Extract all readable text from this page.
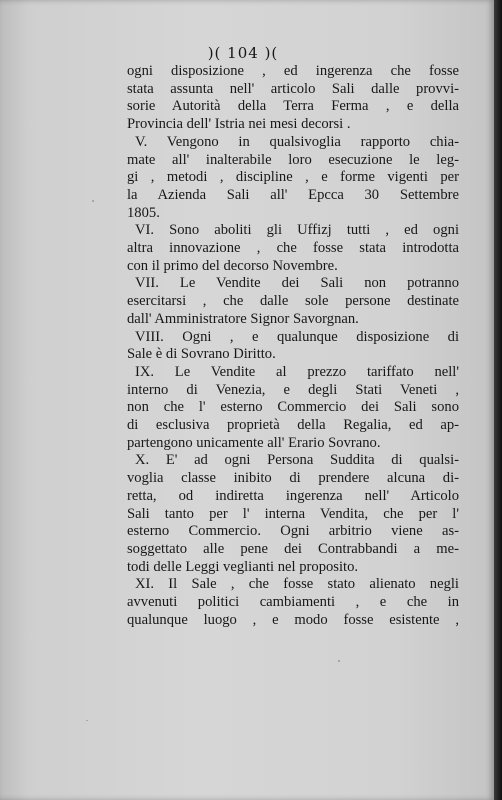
)( 104 )(
ogni disposizione , ed ingerenza che fosse
stata assunta nell' articolo Sali dalle provvi-
sorie Autorità della Terra Ferma , e della
Provincia dell' Istria nei mesi decorsi .
V. Vengono in qualsivoglia rapporto chia-
mate all' inalterabile loro esecuzione le leg-
gi , metodi , discipline , e forme vigenti per
la Azienda Sali all' Epcca 30 Settembre
1805.
VI. Sono aboliti gli Uffizj tutti , ed ogni
altra innovazione , che fosse stata introdotta
con il primo del decorso Novembre.
VII. Le Vendite dei Sali non potranno
esercitarsi , che dalle sole persone destinate
dall' Amministratore Signor Savorgnan.
VIII. Ogni , e qualunque disposizione di
Sale è di Sovrano Diritto.
IX. Le Vendite al prezzo tariffato nell'
interno di Venezia, e degli Stati Veneti ,
non che l' esterno Commercio dei Sali sono
di esclusiva proprietà della Regalia, ed ap-
partengono unicamente all' Erario Sovrano.
X. E' ad ogni Persona Suddita di qualsi-
voglia classe inibito di prendere alcuna di-
retta, od indiretta ingerenza nell' Articolo
Sali tanto per l' interna Vendita, che per l'
esterno Commercio. Ogni arbitrio viene as-
soggettato alle pene dei Contrabbandi a me-
todi delle Leggi veglianti nel proposito.
XI. Il Sale , che fosse stato alienato negli
avvenuti politici cambiamenti , e che in
qualunque luogo , e modo fosse esistente ,
